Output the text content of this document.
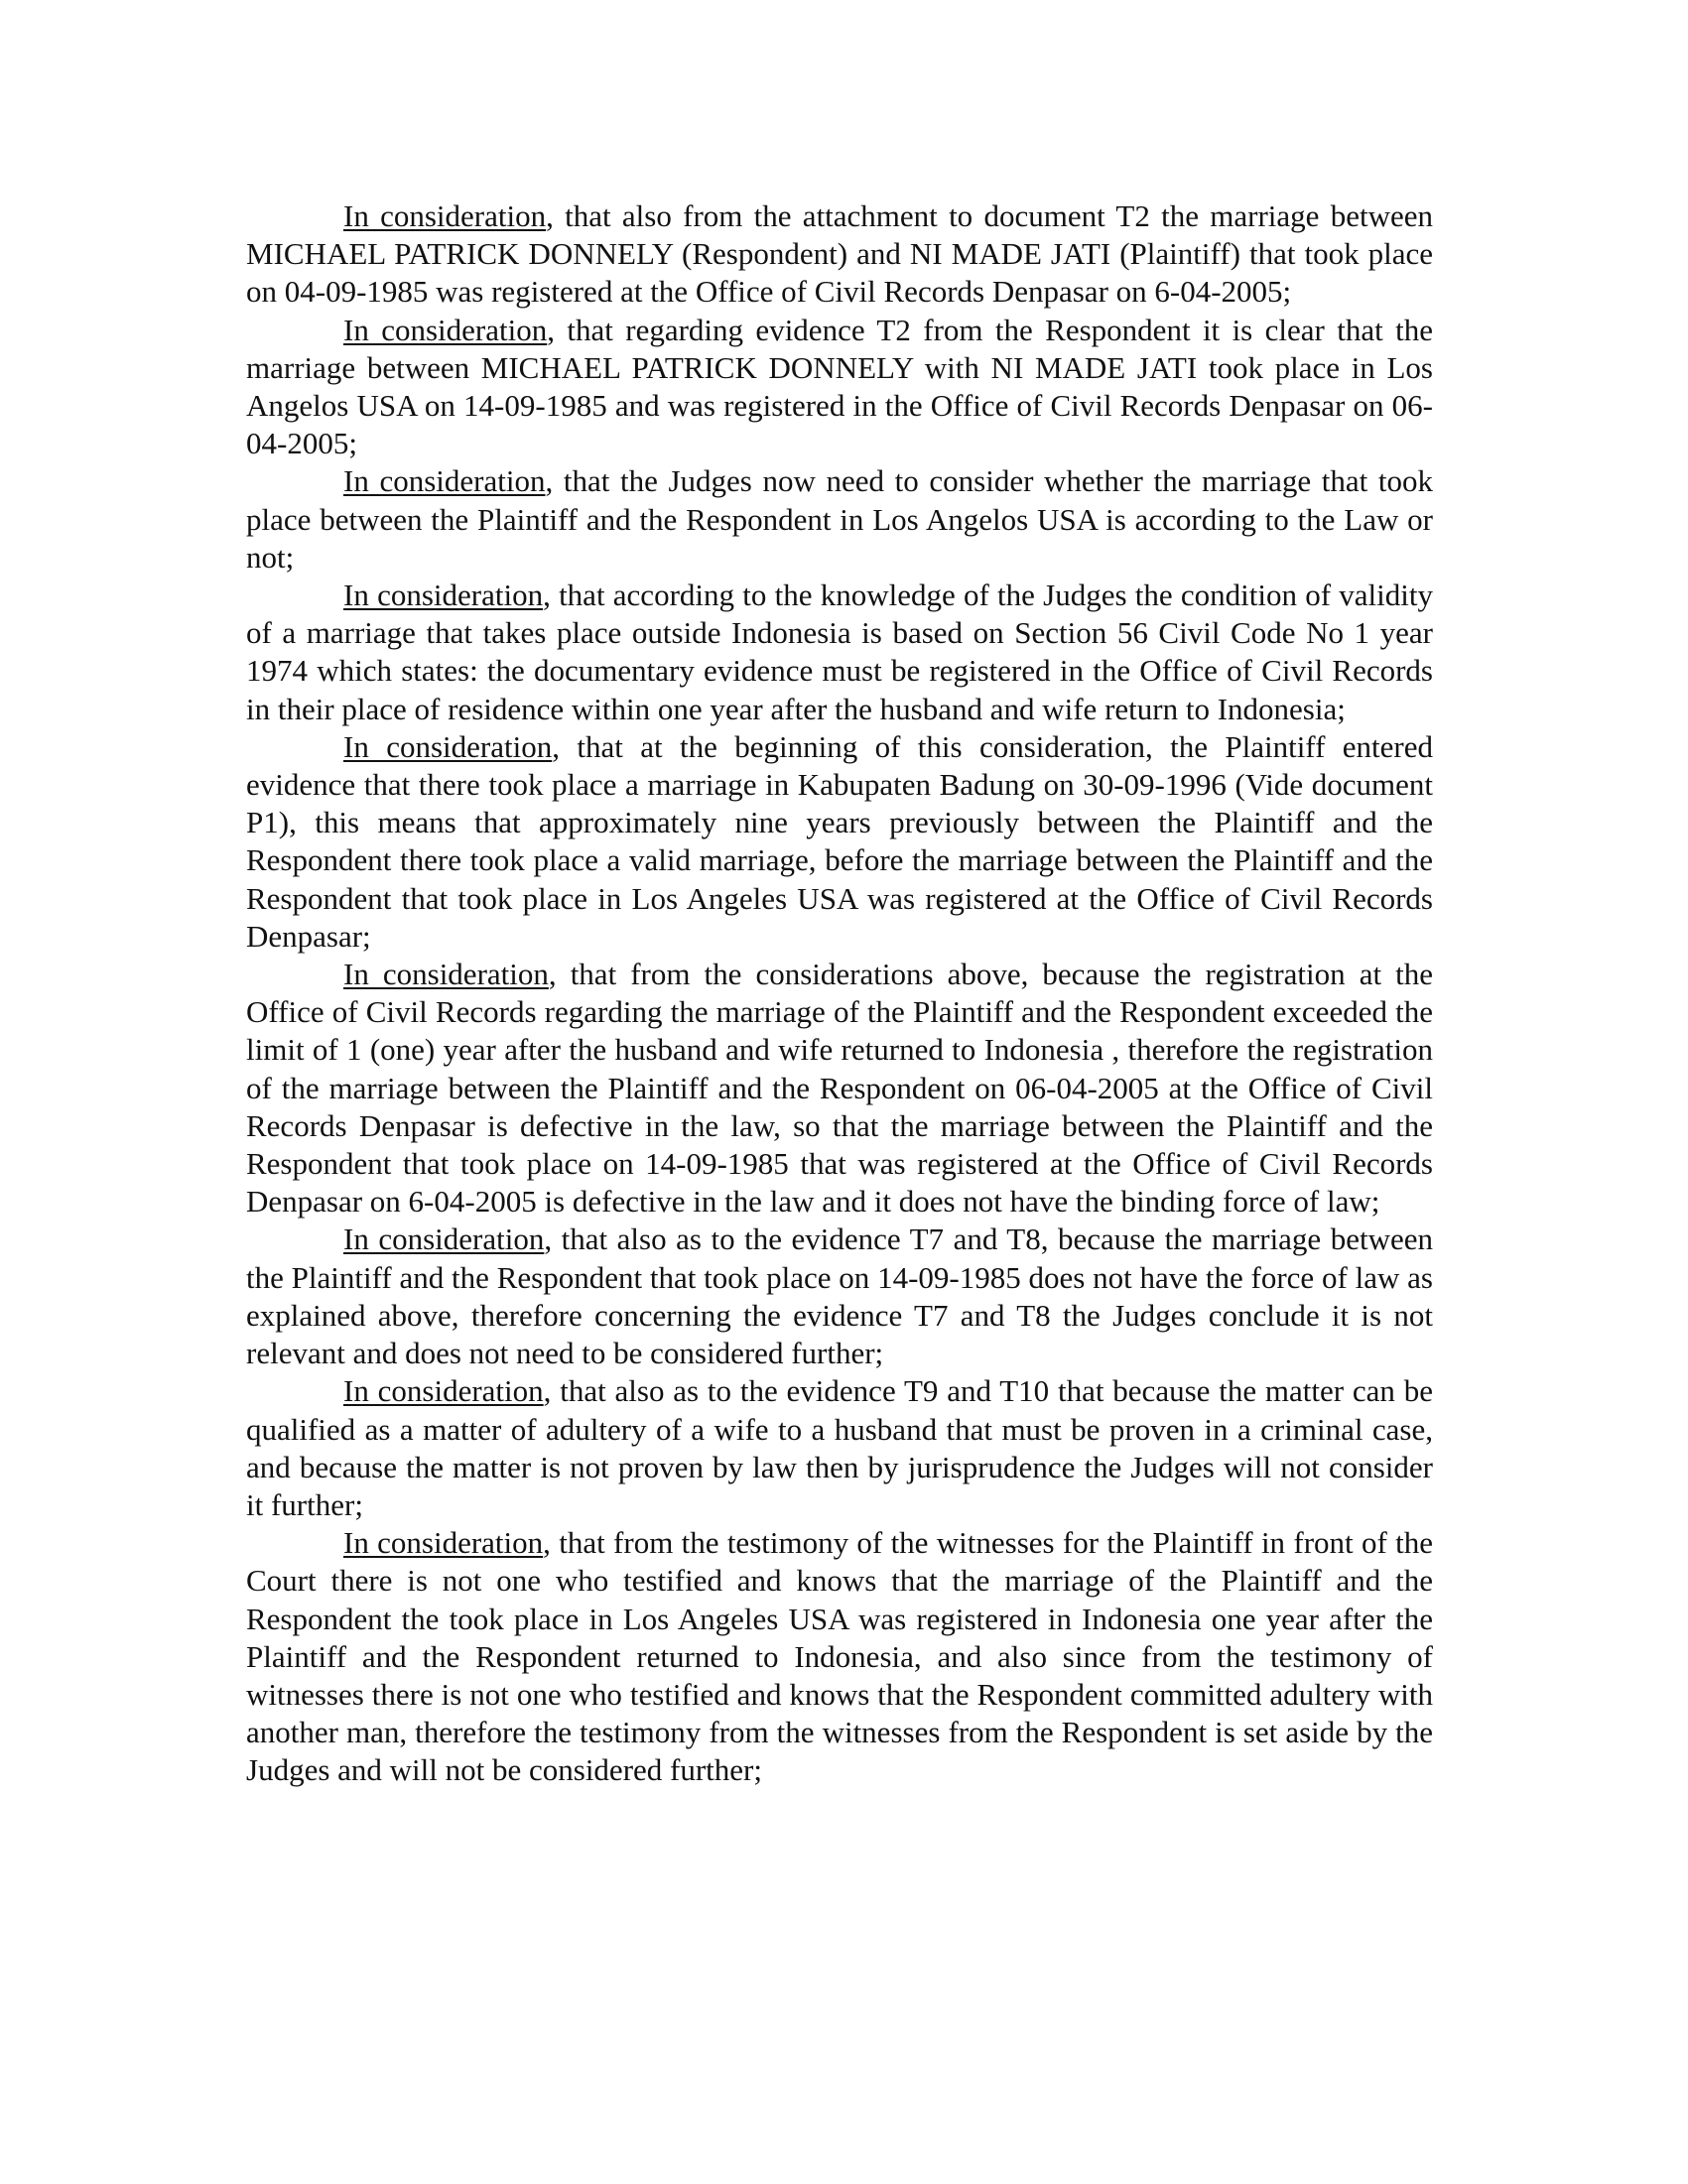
In consideration, that also from the attachment to document T2 the marriage between MICHAEL PATRICK DONNELY (Respondent) and NI MADE JATI (Plaintiff) that took place on 04-09-1985 was registered at the Office of Civil Records Denpasar on 6-04-2005;

In consideration, that regarding evidence T2 from the Respondent it is clear that the marriage between MICHAEL PATRICK DONNELY with NI MADE JATI took place in Los Angelos USA on 14-09-1985 and was registered in the Office of Civil Records Denpasar on 06-04-2005;

In consideration, that the Judges now need to consider whether the marriage that took place between the Plaintiff and the Respondent in Los Angelos USA is according to the Law or not;

In consideration, that according to the knowledge of the Judges the condition of validity of a marriage that takes place outside Indonesia is based on Section 56 Civil Code No 1 year 1974 which states: the documentary evidence must be registered in the Office of Civil Records in their place of residence within one year after the husband and wife return to Indonesia;

In consideration, that at the beginning of this consideration, the Plaintiff entered evidence that there took place a marriage in Kabupaten Badung on 30-09-1996 (Vide document P1), this means that approximately nine years previously between the Plaintiff and the Respondent there took place a valid marriage, before the marriage between the Plaintiff and the Respondent that took place in Los Angeles USA was registered at the Office of Civil Records Denpasar;

In consideration, that from the considerations above, because the registration at the Office of Civil Records regarding the marriage of the Plaintiff and the Respondent exceeded the limit of 1 (one) year after the husband and wife returned to Indonesia , therefore the registration of the marriage between the Plaintiff and the Respondent on 06-04-2005 at the Office of Civil Records Denpasar is defective in the law, so that the marriage between the Plaintiff and the Respondent that took place on 14-09-1985 that was registered at the Office of Civil Records Denpasar on 6-04-2005 is defective in the law and it does not have the binding force of law;

In consideration, that also as to the evidence T7 and T8, because the marriage between the Plaintiff and the Respondent that took place on 14-09-1985 does not have the force of law as explained above, therefore concerning the evidence T7 and T8 the Judges conclude it is not relevant and does not need to be considered further;

In consideration, that also as to the evidence T9 and T10 that because the matter can be qualified as a matter of adultery of a wife to a husband that must be proven in a criminal case, and because the matter is not proven by law then by jurisprudence the Judges will not consider it further;

In consideration, that from the testimony of the witnesses for the Plaintiff in front of the Court there is not one who testified and knows that the marriage of the Plaintiff and the Respondent the took place in Los Angeles USA was registered in Indonesia one year after the Plaintiff and the Respondent returned to Indonesia, and also since from the testimony of witnesses there is not one who testified and knows that the Respondent committed adultery with another man, therefore the testimony from the witnesses from the Respondent is set aside by the Judges and will not be considered further;
